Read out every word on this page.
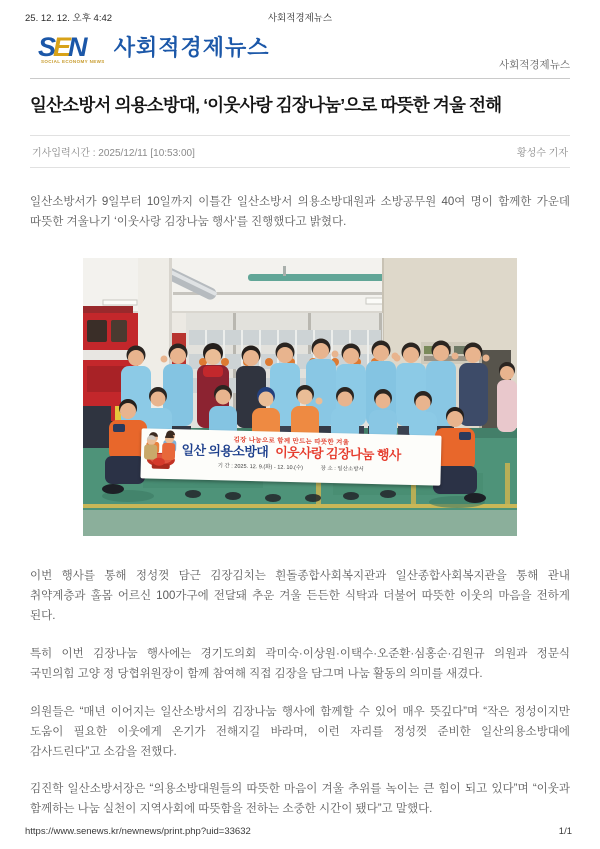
25. 12. 12. 오후 4:42	사회적경제뉴스
SEN
SOCIAL ECONOMY NEWS
사회적경제뉴스
사회적경제뉴스
일산소방서 의용소방대, ‘이웃사랑 김장나눔’으로 따뜻한 겨울 전해
기사입력시간 : 2025/12/11 [10:53:00]	황성수 기자

일산소방서가 9일부터 10일까지 이틀간 일산소방서 의용소방대원과 소방공무원 40여 명이 함께한 가운데 따뜻한 겨울나기 ‘이웃사랑 김장나눔 행사’를 진행했다고 밝혔다.

김장 나눔으로 함께 만드는 따뜻한 겨울
일산 의용소방대 이웃사랑 김장나눔 행사
기 간 : 2025. 12. 9.(화) - 12. 10.(수)	장 소 : 일산소방서

이번 행사를 통해 정성껏 담근 김장김치는 흰돌종합사회복지관과 일산종합사회복지관을 통해 관내 취약계층과 홀몸 어르신 100가구에 전달돼 추운 겨울 든든한 식탁과 더불어 따뜻한 이웃의 마음을 전하게 된다.

특히 이번 김장나눔 행사에는 경기도의회 곽미숙·이상원·이택수·오준환·심홍순·김원규 의원과 정문식 국민의힘 고양 정 당협위원장이 함께 참여해 직접 김장을 담그며 나눔 활동의 의미를 새겼다.

의원들은 “매년 이어지는 일산소방서의 김장나눔 행사에 함께할 수 있어 매우 뜻깊다”며 “작은 정성이지만 도움이 필요한 이웃에게 온기가 전해지길 바라며, 이런 자리를 정성껏 준비한 일산의용소방대에 감사드린다”고 소감을 전했다.

김진학 일산소방서장은 “의용소방대원들의 따뜻한 마음이 겨울 추위를 녹이는 큰 힘이 되고 있다”며 “이웃과 함께하는 나눔 실천이 지역사회에 따뜻함을 전하는 소중한 시간이 됐다”고 말했다.

https://www.senews.kr/newnews/print.php?uid=33632	1/1
